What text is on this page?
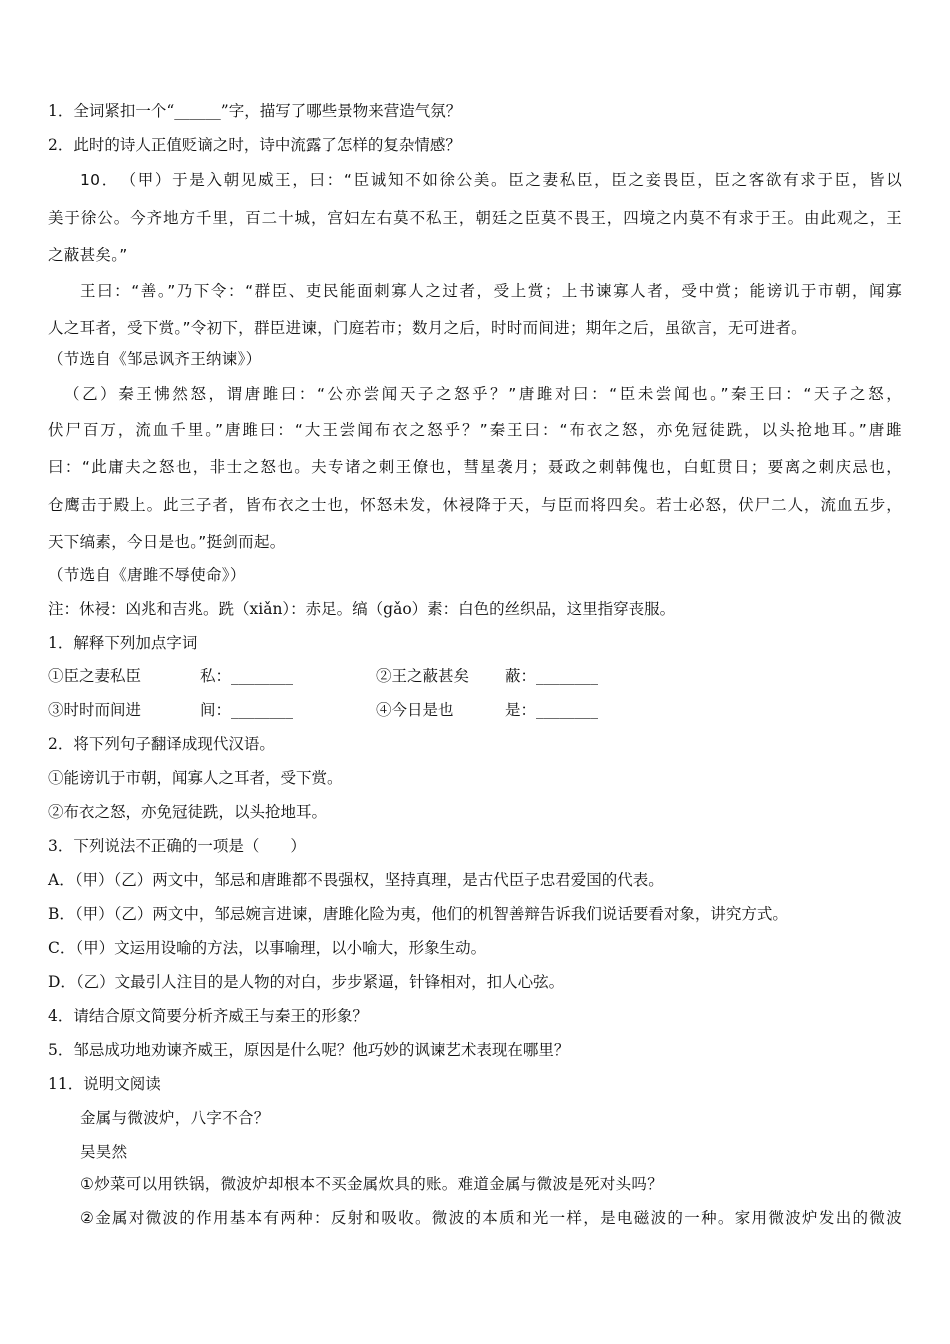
1．全词紧扣一个“______”字，描写了哪些景物来营造气氛？
2．此时的诗人正值贬谪之时，诗中流露了怎样的复杂情感？
10．　（甲）于是入朝见威王，曰：“臣诚知不如徐公美。臣之妻私臣，臣之妾畏臣，臣之客欲有求于臣，皆以
美于徐公。今齐地方千里，百二十城，宫妇左右莫不私王，朝廷之臣莫不畏王，四境之内莫不有求于王。由此观之，王
之蔽甚矣。”
王曰：“善。”乃下令：“群臣、吏民能面刺寡人之过者，受上赏；上书谏寡人者，受中赏；能谤讥于市朝，闻寡
人之耳者，受下赏。”令初下，群臣进谏，门庭若市；数月之后，时时而间进；期年之后，虽欲言，无可进者。
（节选自《邹忌讽齐王纳谏》）
（乙）秦王怫然怒，谓唐雎曰：“公亦尝闻天子之怒乎？”唐雎对曰：“臣未尝闻也。”秦王曰：“天子之怒，
伏尸百万，流血千里。”唐雎曰：“大王尝闻布衣之怒乎？”秦王曰：“布衣之怒，亦免冠徒跣，以头抢地耳。”唐雎
曰：“此庸夫之怒也，非士之怒也。夫专诸之刺王僚也，彗星袭月；聂政之刺韩傀也，白虹贯日；要离之刺庆忌也，
仓鹰击于殿上。此三子者，皆布衣之士也，怀怒未发，休祲降于天，与臣而将四矣。若士必怒，伏尸二人，流血五步，
天下缟素，今日是也。”挺剑而起。
（节选自《唐雎不辱使命》）
注：休祲：凶兆和吉兆。跣（xiǎn）：赤足。缟（gǎo）素：白色的丝织品，这里指穿丧服。
1．解释下列加点字词
①臣之妻私臣	私：________	②王之蔽甚矣 蔽：________
③时时而间进	间：________	④今日是也	是：________
2．将下列句子翻译成现代汉语。
①能谤讥于市朝，闻寡人之耳者，受下赏。
②布衣之怒，亦免冠徒跣，以头抢地耳。
3．下列说法不正确的一项是（　　）
A．（甲）（乙）两文中，邹忌和唐雎都不畏强权，坚持真理，是古代臣子忠君爱国的代表。
B．（甲）（乙）两文中，邹忌婉言进谏，唐雎化险为夷，他们的机智善辩告诉我们说话要看对象，讲究方式。
C．（甲）文运用设喻的方法，以事喻理，以小喻大，形象生动。
D．（乙）文最引人注目的是人物的对白，步步紧逼，针锋相对，扣人心弦。
4．请结合原文简要分析齐威王与秦王的形象？
5．邹忌成功地劝谏齐威王，原因是什么呢？他巧妙的讽谏艺术表现在哪里？
11．说明文阅读
金属与微波炉，八字不合？
吴昊然
①炒菜可以用铁锅，微波炉却根本不买金属炊具的账。难道金属与微波是死对头吗？
②金属对微波的作用基本有两种：反射和吸收。微波的本质和光一样，是电磁波的一种。家用微波炉发出的微波
